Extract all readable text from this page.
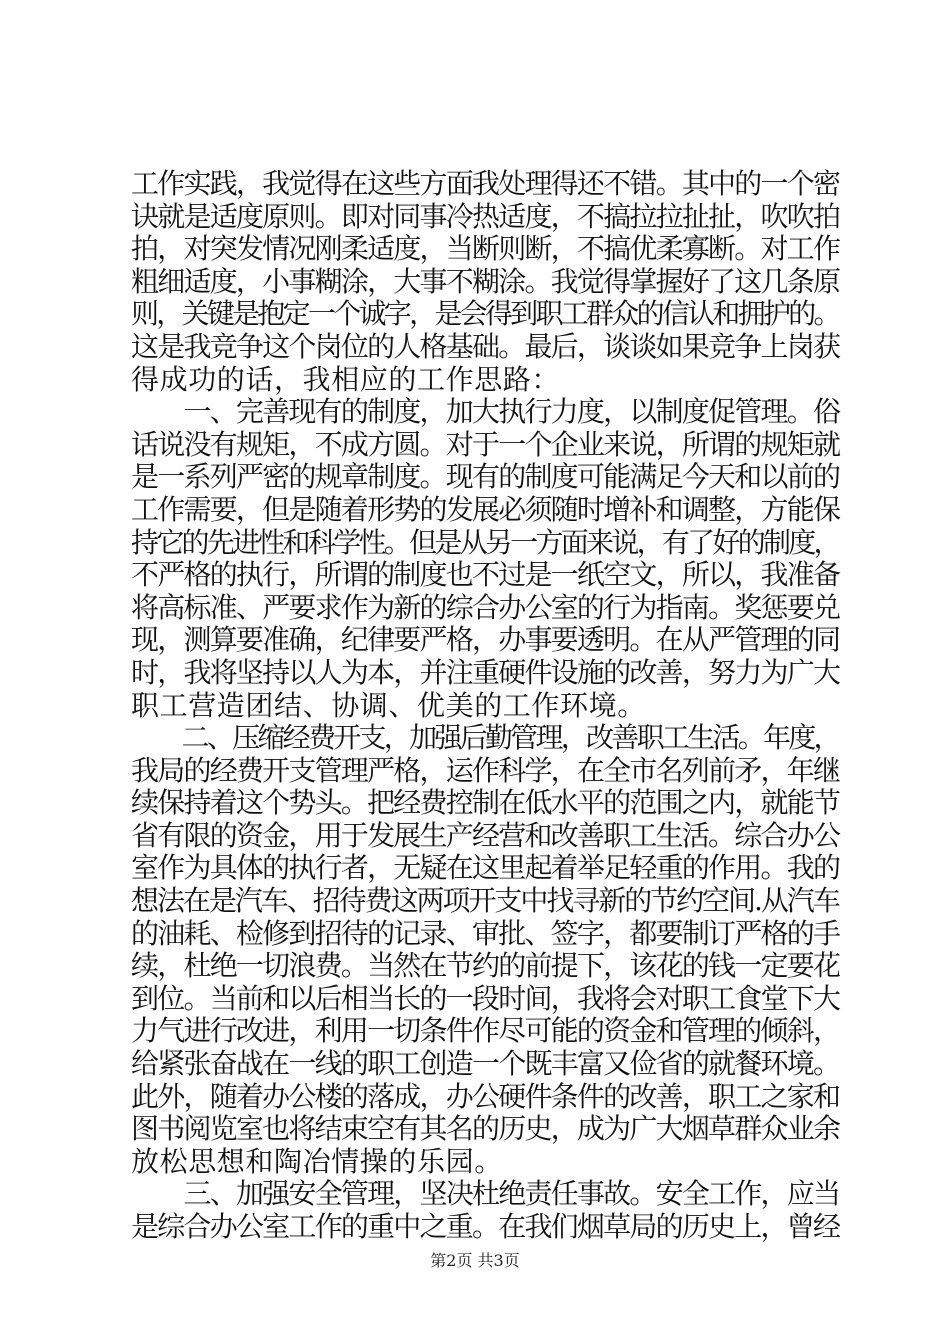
工作实践，我觉得在这些方面我处理得还不错。其中的一个密
诀就是适度原则。即对同事冷热适度，不搞拉拉扯扯，吹吹拍
拍，对突发情况刚柔适度，当断则断，不搞优柔寡断。对工作
粗细适度，小事糊涂，大事不糊涂。我觉得掌握好了这几条原
则，关键是抱定一个诚字，是会得到职工群众的信认和拥护的。
这是我竞争这个岗位的人格基础。最后，谈谈如果竞争上岗获
得成功的话，我相应的工作思路：
　　一、完善现有的制度，加大执行力度，以制度促管理。俗
话说没有规矩，不成方圆。对于一个企业来说，所谓的规矩就
是一系列严密的规章制度。现有的制度可能满足今天和以前的
工作需要，但是随着形势的发展必须随时增补和调整，方能保
持它的先进性和科学性。但是从另一方面来说，有了好的制度，
不严格的执行，所谓的制度也不过是一纸空文，所以，我准备
将高标准、严要求作为新的综合办公室的行为指南。奖惩要兑
现，测算要准确，纪律要严格，办事要透明。在从严管理的同
时，我将坚持以人为本，并注重硬件设施的改善，努力为广大
职工营造团结、协调、优美的工作环境。
　　二、压缩经费开支，加强后勤管理，改善职工生活。年度，
我局的经费开支管理严格，运作科学，在全市名列前矛，年继
续保持着这个势头。把经费控制在低水平的范围之内，就能节
省有限的资金，用于发展生产经营和改善职工生活。综合办公
室作为具体的执行者，无疑在这里起着举足轻重的作用。我的
想法在是汽车、招待费这两项开支中找寻新的节约空间.从汽车
的油耗、检修到招待的记录、审批、签字，都要制订严格的手
续，杜绝一切浪费。当然在节约的前提下，该花的钱一定要花
到位。当前和以后相当长的一段时间，我将会对职工食堂下大
力气进行改进，利用一切条件作尽可能的资金和管理的倾斜，
给紧张奋战在一线的职工创造一个既丰富又俭省的就餐环境。
此外，随着办公楼的落成，办公硬件条件的改善，职工之家和
图书阅览室也将结束空有其名的历史，成为广大烟草群众业余
放松思想和陶冶情操的乐园。
　　三、加强安全管理，坚决杜绝责任事故。安全工作，应当
是综合办公室工作的重中之重。在我们烟草局的历史上，曾经
第2页 共3页
